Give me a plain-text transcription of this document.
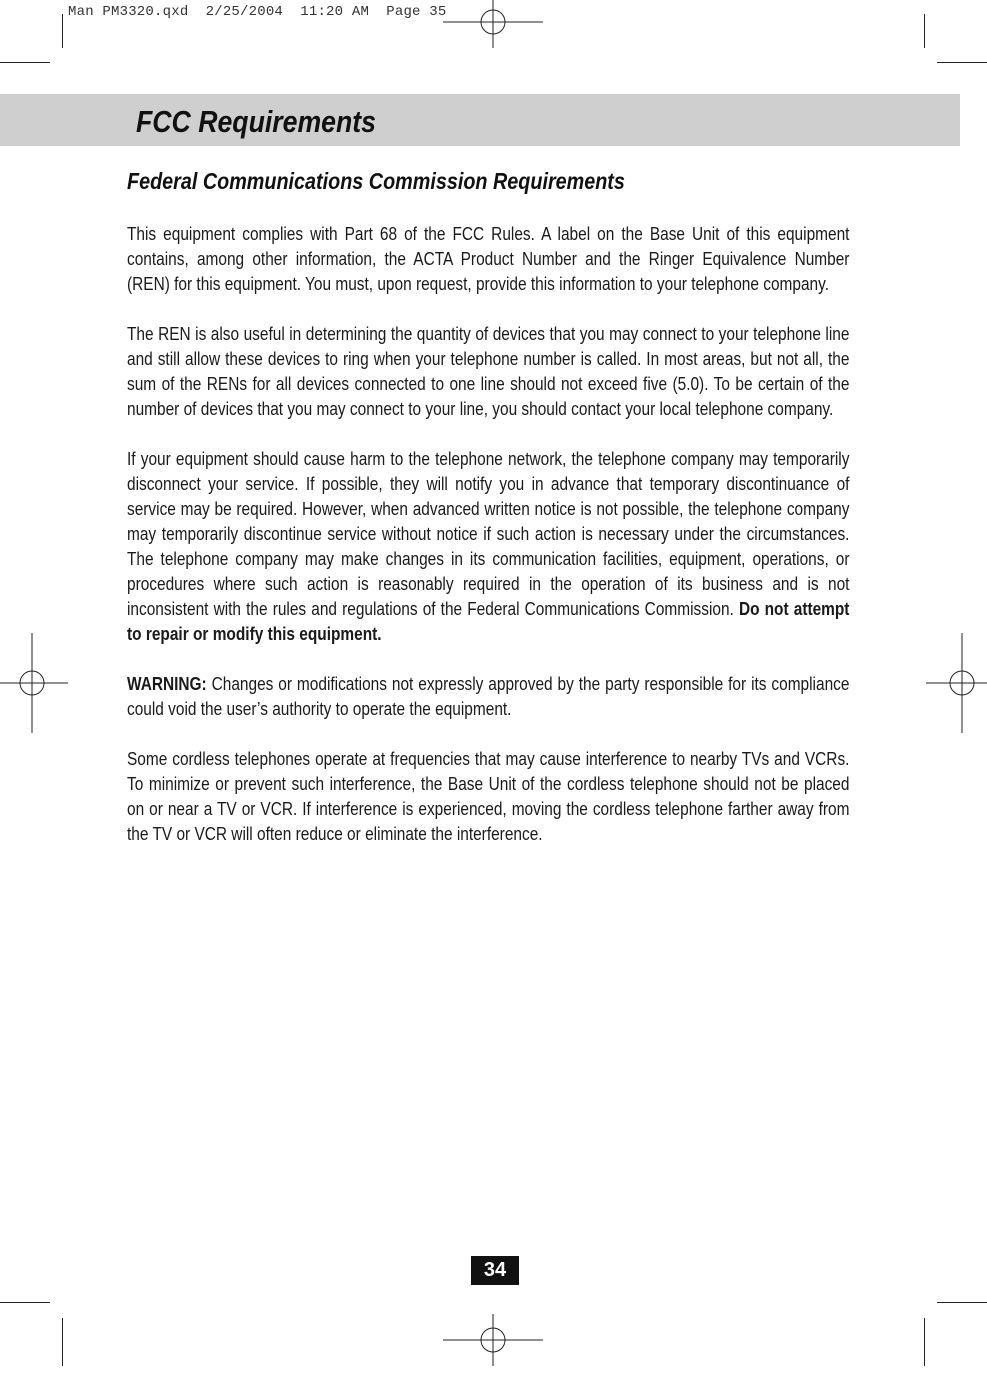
Man PM3320.qxd  2/25/2004  11:20 AM  Page 35
FCC Requirements
Federal Communications Commission Requirements

This equipment complies with Part 68 of the FCC Rules. A label on the Base Unit of this equipment contains, among other information, the ACTA Product Number and the Ringer Equivalence Number (REN) for this equipment. You must, upon request, provide this information to your telephone company.

The REN is also useful in determining the quantity of devices that you may connect to your telephone line and still allow these devices to ring when your telephone number is called. In most areas, but not all, the sum of the RENs for all devices connected to one line should not exceed five (5.0). To be certain of the number of devices that you may connect to your line, you should contact your local telephone company.

If your equipment should cause harm to the telephone network, the telephone company may temporarily disconnect your service. If possible, they will notify you in advance that temporary discontinuance of service may be required. However, when advanced written notice is not possible, the telephone company may temporarily discontinue service without notice if such action is necessary under the circumstances. The telephone company may make changes in its communication facilities, equipment, operations, or procedures where such action is reasonably required in the operation of its business and is not inconsistent with the rules and regulations of the Federal Communications Commission. Do not attempt to repair or modify this equipment.

WARNING: Changes or modifications not expressly approved by the party responsible for its compliance could void the user’s authority to operate the equipment.

Some cordless telephones operate at frequencies that may cause interference to nearby TVs and VCRs. To minimize or prevent such interference, the Base Unit of the cordless telephone should not be placed on or near a TV or VCR. If interference is experienced, moving the cordless telephone farther away from the TV or VCR will often reduce or eliminate the interference.

34
